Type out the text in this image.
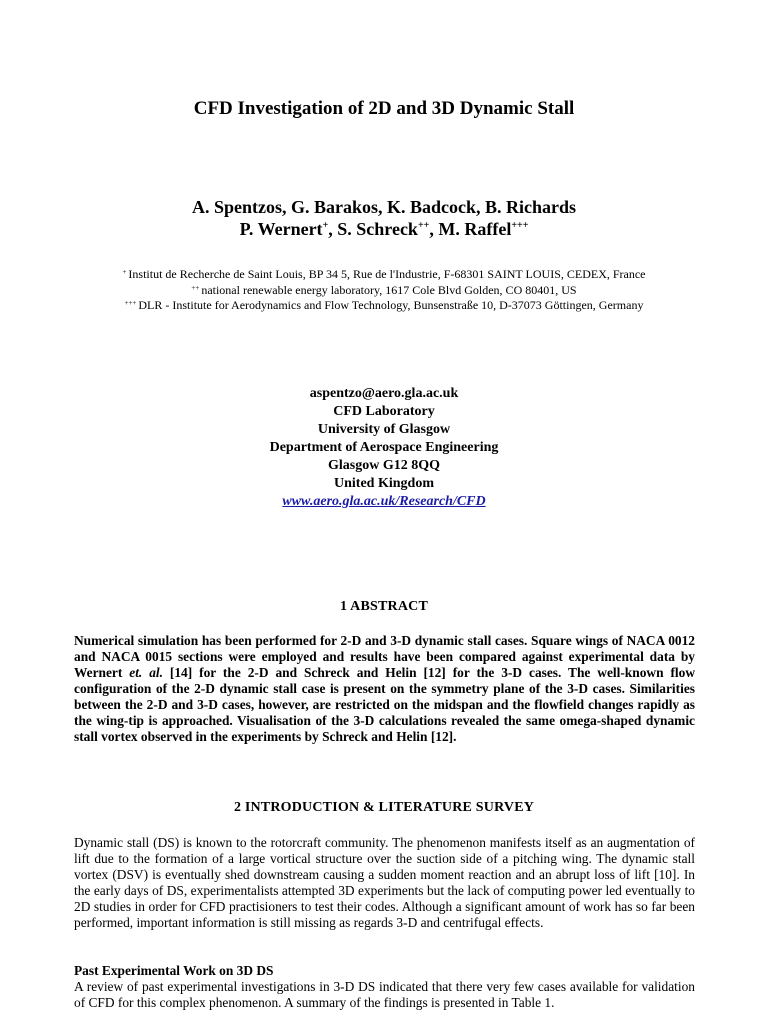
CFD Investigation of 2D and 3D Dynamic Stall
A. Spentzos, G. Barakos, K. Badcock, B. Richards
P. Wernert+, S. Schreck++, M. Raffel+++
+ Institut de Recherche de Saint Louis, BP 34 5, Rue de l'Industrie, F-68301 SAINT LOUIS, CEDEX, France
++ national renewable energy laboratory, 1617 Cole Blvd Golden, CO 80401, US
+++ DLR - Institute for Aerodynamics and Flow Technology, Bunsenstraße 10, D-37073 Göttingen, Germany
aspentzo@aero.gla.ac.uk
CFD Laboratory
University of Glasgow
Department of Aerospace Engineering
Glasgow G12 8QQ
United Kingdom
www.aero.gla.ac.uk/Research/CFD
1 ABSTRACT
Numerical simulation has been performed for 2-D and 3-D dynamic stall cases. Square wings of NACA 0012 and NACA 0015 sections were employed and results have been compared against experimental data by Wernert et. al. [14] for the 2-D and Schreck and Helin [12] for the 3-D cases. The well-known flow configuration of the 2-D dynamic stall case is present on the symmetry plane of the 3-D cases. Similarities between the 2-D and 3-D cases, however, are restricted on the midspan and the flowfield changes rapidly as the wing-tip is approached. Visualisation of the 3-D calculations revealed the same omega-shaped dynamic stall vortex observed in the experiments by Schreck and Helin [12].
2 INTRODUCTION & LITERATURE SURVEY
Dynamic stall (DS) is known to the rotorcraft community. The phenomenon manifests itself as an augmentation of lift due to the formation of a large vortical structure over the suction side of a pitching wing. The dynamic stall vortex (DSV) is eventually shed downstream causing a sudden moment reaction and an abrupt loss of lift [10]. In the early days of DS, experimentalists attempted 3D experiments but the lack of computing power led eventually to 2D studies in order for CFD practisioners to test their codes. Although a significant amount of work has so far been performed, important information is still missing as regards 3-D and centrifugal effects.
Past Experimental Work on 3D DS
A review of past experimental investigations in 3-D DS indicated that there very few cases available for validation of CFD for this complex phenomenon. A summary of the findings is presented in Table 1.
